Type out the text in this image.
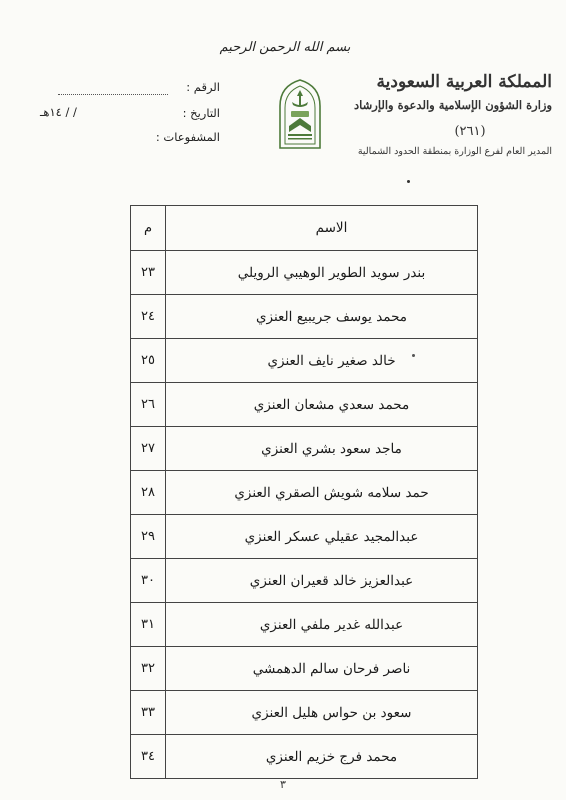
بسم الله الرحمن الرحيم
المملكة العربية السعودية
وزارة الشؤون الإسلامية والدعوة والإرشاد
(٢٦١)
المدير العام لفرع الوزارة بمنطقة الحدود الشمالية
الرقم :
التاريخ :
/ / ١٤هـ
المشفوعات :
م	الاسم
٢٣	بندر سويد الطوير الوهيبي الرويلي
٢٤	محمد يوسف جريبيع العنزي
٢٥	خالد صغير نايف العنزي
٢٦	محمد سعدي مشعان العنزي
٢٧	ماجد سعود بشري العنزي
٢٨	حمد سلامه شويش الصقري العنزي
٢٩	عبدالمجيد عقيلي عسكر العنزي
٣٠	عبدالعزيز خالد قعيران العنزي
٣١	عبدالله غدير ملفي العنزي
٣٢	ناصر فرحان سالم الدهمشي
٣٣	سعود بن حواس هليل العنزي
٣٤	محمد فرج خزيم العنزي
٣
